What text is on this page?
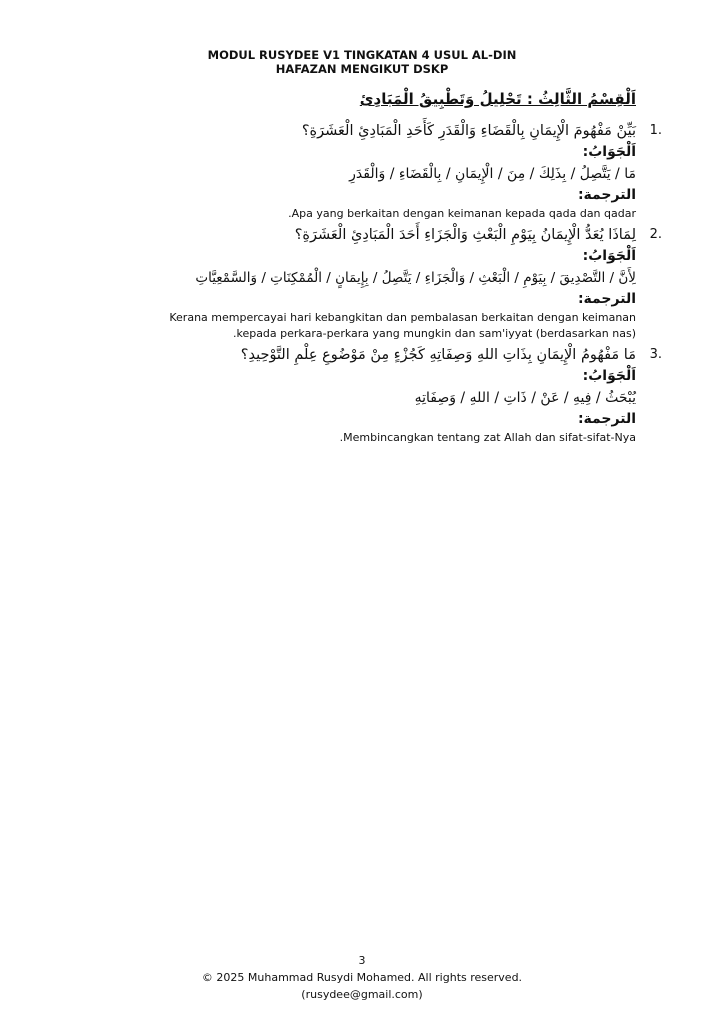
MODUL RUSYDEE V1 TINGKATAN 4 USUL AL-DIN
HAFAZAN MENGIKUT DSKP
اَلْقِسْمُ الثَّالِثُ : تَحْلِيلُ وَتَطْبِيقُ الْمَبَادِئ
1.
بَيِّنْ مَفْهُومَ الْإِيمَانِ بِالْقَضَاءِ وَالْقَدَرِ كَأَحَدِ الْمَبَادِئِ الْعَشَرَةِ؟
اَلْجَوَابُ:
مَا / يَتَّصِلُ / بِذَلِكَ / مِنَ / الْإِيمَانِ / بِالْقَضَاءِ / وَالْقَدَرِ
الترجمة:
.Apa yang berkaitan dengan keimanan kepada qada dan qadar
2.
لِمَاذَا يُعَدُّ الْإِيمَانُ بِيَوْمِ الْبَعْثِ وَالْجَزَاءِ أَحَدَ الْمَبَادِئِ الْعَشَرَةِ؟
اَلْجَوَابُ:
لِأَنَّ / التَّصْدِيقَ / بِيَوْمِ / الْبَعْثِ / وَالْجَزَاءِ / يَتَّصِلُ / بِإِيمَانٍ / الْمُمْكِنَاتِ / وَالسَّمْعِيَّاتِ
الترجمة:
Kerana mempercayai hari kebangkitan dan pembalasan berkaitan dengan keimanan
.kepada perkara-perkara yang mungkin dan sam'iyyat (berdasarkan nas)
3.
مَا مَفْهُومُ الْإِيمَانِ بِذَاتِ اللهِ وَصِفَاتِهِ كَجُزْءٍ مِنْ مَوْضُوعِ عِلْمِ التَّوْحِيدِ؟
اَلْجَوَابُ:
يُبْحَثُ / فِيهِ / عَنْ / ذَاتِ / اللهِ / وَصِفَاتِهِ
الترجمة:
.Membincangkan tentang zat Allah dan sifat-sifat-Nya
3
© 2025 Muhammad Rusydi Mohamed. All rights reserved.
(rusydee@gmail.com)
